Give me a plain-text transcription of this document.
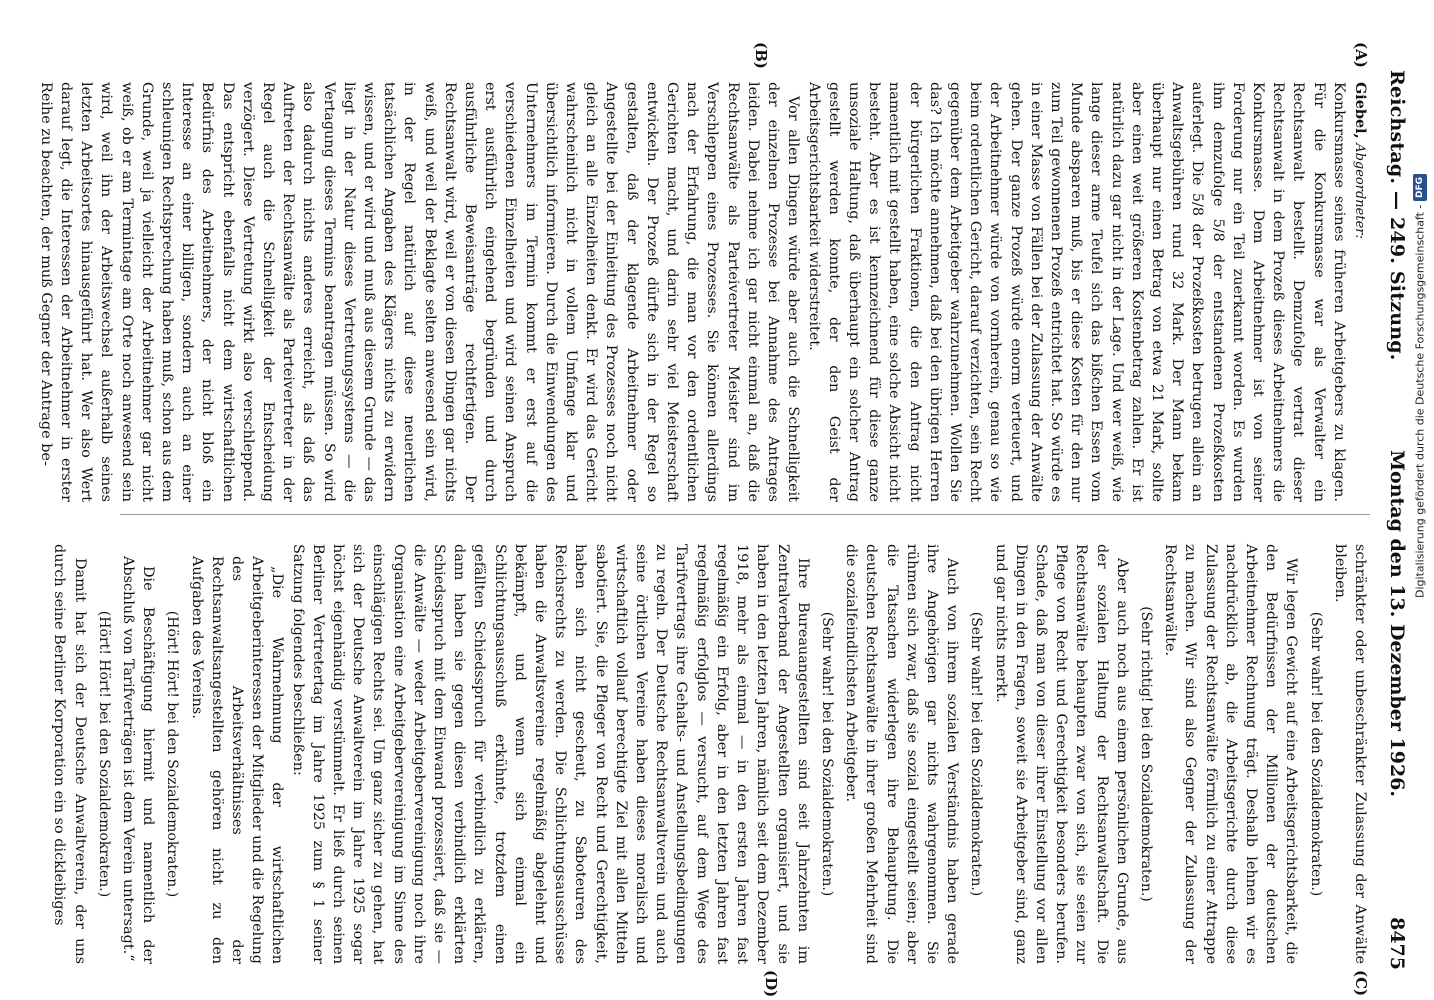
Reichstag. — 249. Sitzung.
Montag den 13. Dezember 1926.
8475
(A)
(B)
(C)
(D)

Giebel, Abgeordneter:

Konkursmasse seines früheren Arbeitgebers zu klagen. Für die Konkursmasse war als Verwalter ein Rechtsanwalt bestellt. Demzufolge vertrat dieser Rechtsanwalt in dem Prozeß dieses Arbeitnehmers die Konkursmasse. Dem Arbeitnehmer ist von seiner Forderung nur ein Teil zuerkannt worden. Es wurden ihm demzufolge 5/8 der entstandenen Prozeßkosten auferlegt. Die 5/8 der Prozeßkosten betrugen allein an Anwaltsgebühren rund 32 Mark. Der Mann bekam überhaupt nur einen Betrag von etwa 21 Mark, sollte aber einen weit größeren Kostenbetrag zahlen. Er ist natürlich dazu gar nicht in der Lage. Und wer weiß, wie lange dieser arme Teufel sich das bißchen Essen vom Munde absparen muß, bis er diese Kosten für den nur zum Teil gewonnenen Prozeß entrichtet hat. So würde es in einer Masse von Fällen bei der Zulassung der Anwälte gehen. Der ganze Prozeß würde enorm verteuert, und der Arbeitnehmer würde von vornherein, genau so wie beim ordentlichen Gericht, darauf verzichten, sein Recht gegenüber dem Arbeitgeber wahrzunehmen. Wollen Sie das? Ich möchte annehmen, daß bei den übrigen Herren der bürgerlichen Fraktionen, die den Antrag nicht namentlich mit gestellt haben, eine solche Absicht nicht besteht. Aber es ist kennzeichnend für diese ganze unsoziale Haltung, daß überhaupt ein solcher Antrag gestellt werden konnte, der den Geist der Arbeitsgerichtsbarkeit widerstreitet.

Vor allen Dingen würde aber auch die Schnelligkeit der einzelnen Prozesse bei Annahme des Antrages leiden. Dabei nehme ich gar nicht einmal an, daß die Rechtsanwälte als Parteivertreter Meister sind im Verschleppen eines Prozesses. Sie können allerdings nach der Erfahrung, die man vor den ordentlichen Gerichten macht, und darin sehr viel Meisterschaft entwickeln. Der Prozeß dürfte sich in der Regel so gestalten, daß der klagende Arbeitnehmer oder Angestellte bei der Einleitung des Prozesses noch nicht gleich an alle Einzelheiten denkt. Er wird das Gericht wahrscheinlich nicht in vollem Umfange klar und übersichtlich informieren. Durch die Einwendungen des Unternehmers im Termin kommt er erst auf die verschiedenen Einzelheiten und wird seinen Anspruch erst ausführlich eingehend begründen und durch ausführliche Beweisanträge rechtfertigen. Der Rechtsanwalt wird, weil er von diesen Dingen gar nichts weiß, und weil der Beklagte selten anwesend sein wird, in der Regel natürlich auf diese neuerlichen tatsächlichen Angaben des Klägers nichts zu erwidern wissen, und er wird und muß aus diesem Grunde — das liegt in der Natur dieses Vertretungssystems — die Vertagung dieses Termins beantragen müssen. So wird also dadurch nichts anderes erreicht, als daß das Auftreten der Rechtsanwälte als Parteivertreter in der Regel auch die Schnelligkeit der Entscheidung verzögert. Diese Vertretung wirkt also verschleppend. Das entspricht ebenfalls nicht dem wirtschaftlichen Bedürfnis des Arbeitnehmers, der nicht bloß ein Interesse an einer billigen, sondern auch an einer schleunigen Rechtsprechung haben muß, schon aus dem Grunde, weil ja vielleicht der Arbeitnehmer gar nicht weiß, ob er am Termintage am Orte noch anwesend sein wird, weil ihn der Arbeitswechsel außerhalb seines letzten Arbeitsortes hinausgeführt hat. Wer also Wert darauf legt, die Interessen der Arbeitnehmer in erster Reihe zu beachten, der muß Gegner der Antrage be-

schränkter oder unbeschränkter Zulassung der Anwälte bleiben.

(Sehr wahr! bei den Sozialdemokraten.)

Wir legen Gewicht auf eine Arbeitsgerichtsbarkeit, die den Bedürfnissen der Millionen der deutschen Arbeitnehmer Rechnung trägt. Deshalb lehnen wir es nachdrücklich ab, die Arbeitsgerichte durch diese Zulassung der Rechtsanwälte förmlich zu einer Attrappe zu machen. Wir sind also Gegner der Zulassung der Rechtsanwälte.

(Sehr richtig! bei den Sozialdemokraten.)

Aber auch noch aus einem persönlichen Grunde, aus der sozialen Haltung der Rechtsanwaltschaft. Die Rechtsanwälte behaupten zwar von sich, sie seien zur Pflege von Recht und Gerechtigkeit besonders berufen. Schade, daß man von dieser ihrer Einstellung vor allen Dingen in den Fragen, soweit sie Arbeitgeber sind, ganz und gar nichts merkt.

(Sehr wahr! bei den Sozialdemokraten.)

Auch von ihrem sozialen Verständnis haben gerade ihre Angehörigen gar nichts wahrgenommen. Sie rühmen sich zwar, daß sie sozial eingestellt seien; aber die Tatsachen widerlegen ihre Behauptung. Die deutschen Rechtsanwälte in ihrer großen Mehrheit sind die sozialfeindlichsten Arbeitgeber.

(Sehr wahr! bei den Sozialdemokraten.)

Ihre Bureauangestellten sind seit Jahrzehnten im Zentralverband der Angestellten organisiert, und sie haben in den letzten Jahren, nämlich seit dem Dezember 1918, mehr als einmal — in den ersten Jahren fast regelmäßig ein Erfolg, aber in den letzten Jahren fast regelmäßig erfolglos — versucht, auf dem Wege des Tarifvertrags ihre Gehalts- und Anstellungsbedingungen zu regeln. Der Deutsche Rechtsanwaltverein und auch seine örtlichen Vereine haben dieses moralisch und wirtschaftlich vollauf berechtigte Ziel mit allen Mitteln sabotiert. Sie, die Pfleger von Recht und Gerechtigkeit, haben sich nicht gescheut, zu Saboteuren des Reichsrechts zu werden. Die Schlichtungsausschüsse haben die Anwaltsvereine regelmäßig abgelehnt und bekämpft, und wenn sich einmal ein Schlichtungsausschuß erkühnte, trotzdem einen gefällten Schiedsspruch für verbindlich zu erklären, dann haben sie gegen diesen verbindlich erklärten Schiedsspruch mit dem Einwand prozessiert, daß sie — die Anwälte — weder Arbeitgebervereinigung noch ihre Organisation eine Arbeitgebervereinigung im Sinne des einschlägigen Rechts sei. Um ganz sicher zu gehen, hat sich der Deutsche Anwaltverein im Jahre 1925 sogar höchst eigenhändig verstümmelt. Er ließ durch seinen Berliner Vertretertag im Jahre 1925 zum § 1 seiner Satzung folgendes beschließen:

„Die Wahrnehmung der wirtschaftlichen Arbeitgeberinteressen der Mitglieder und die Regelung des Arbeitsverhältnisses der Rechtsanwaltsangestellten gehören nicht zu den Aufgaben des Vereins.

(Hört! Hört! bei den Sozialdemokraten.)

Die Beschäftigung hiermit und namentlich der Abschluß von Tarifverträgen ist dem Verein untersagt.“

(Hört! Hört! bei den Sozialdemokraten.)

Damit hat sich der Deutsche Anwaltverein, der uns durch seine Berliner Korporation ein so dickleibiges

Digitalisierung gefördert durch die Deutsche Forschungsgemeinschaft -
DFG
